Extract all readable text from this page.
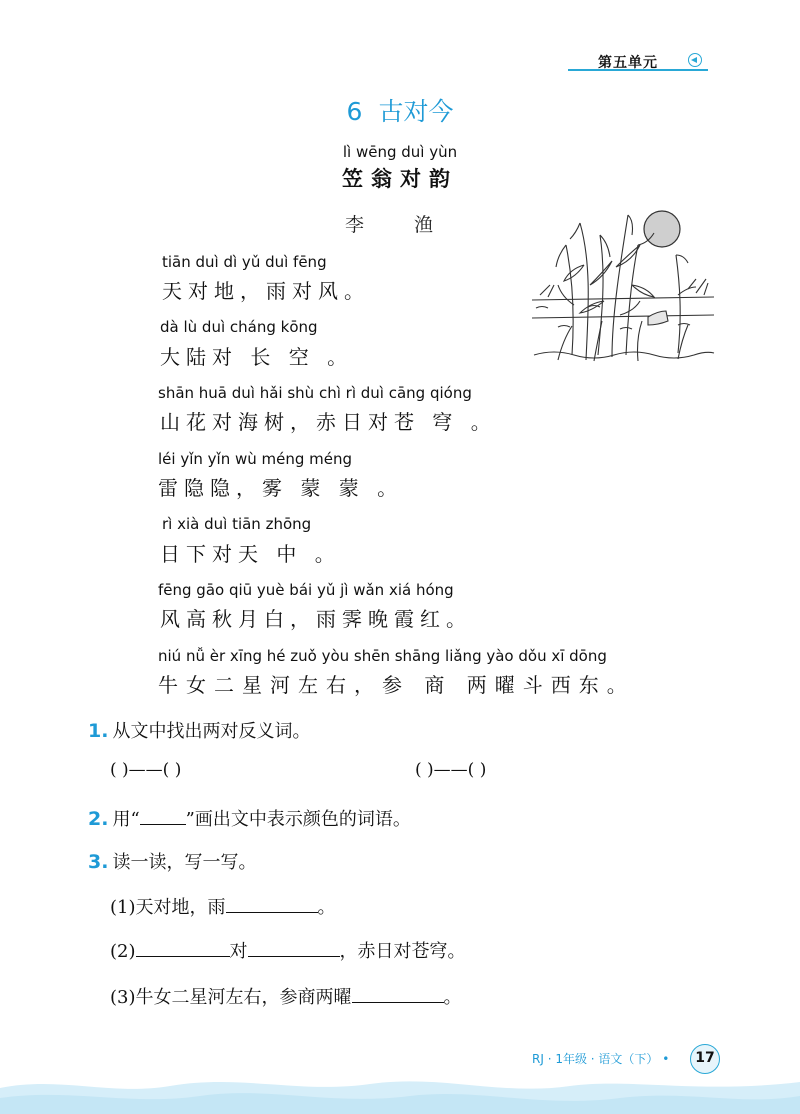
第五单元
6 古对今
lì wēng duì yùn
笠翁对韵
李 渔
tiān duì dì yǔ duì fēng
天对地，雨对风。
dà lù duì cháng kōng
大陆对 长 空 。
shān huā duì hǎi shù chì rì duì cāng qióng
山花对海树，赤日对苍 穹 。
léi yǐn yǐn wù méng méng
雷隐隐，雾 蒙 蒙 。
rì xià duì tiān zhōng
日下对天 中 。
fēng gāo qiū yuè bái yǔ jì wǎn xiá hóng
风高秋月白，雨霁晚霞红。
niú nǚ èr xīng hé zuǒ yòu shēn shāng liǎng yào dǒu xī dōng
牛女二星河左右，参 商 两曜斗西东。
1. 从文中找出两对反义词。
( )——( )	( )——( )
2. 用“	”画出文中表示颜色的词语。
3. 读一读，写一写。
(1)天对地，雨	。
(2)	对	，赤日对苍穹。
(3)牛女二星河左右，参商两曜	。
RJ · 1年级 · 语文（下） •	17
